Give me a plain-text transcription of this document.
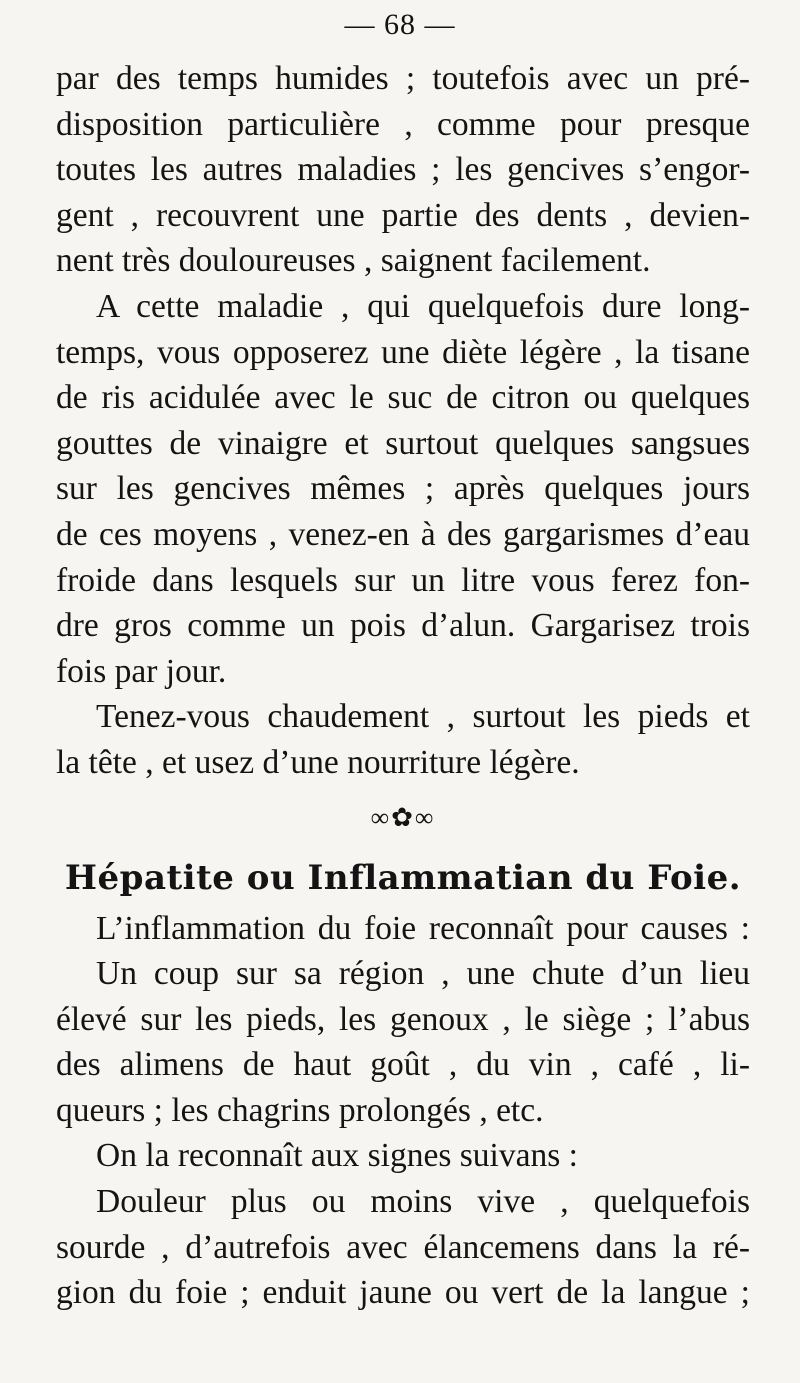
— 68 —
par des temps humides ; toutefois avec un pré-
disposition particulière , comme pour presque
toutes les autres maladies ; les gencives s’engor-
gent , recouvrent une partie des dents , devien-
nent très douloureuses , saignent facilement.
A cette maladie , qui quelquefois dure long-
temps, vous opposerez une diète légère , la tisane
de ris acidulée avec le suc de citron ou quelques
gouttes de vinaigre et surtout quelques sangsues
sur les gencives mêmes ; après quelques jours
de ces moyens , venez-en à des gargarismes d’eau
froide dans lesquels sur un litre vous ferez fon-
dre gros comme un pois d’alun. Gargarisez trois
fois par jour.
Tenez-vous chaudement , surtout les pieds et
la tête , et usez d’une nourriture légère.
∞✿∞
Hépatite ou Inflammatian du Foie.
L’inflammation du foie reconnaît pour causes :
Un coup sur sa région , une chute d’un lieu
élevé sur les pieds, les genoux , le siège ; l’abus
des alimens de haut goût , du vin , café , li-
queurs ; les chagrins prolongés , etc.
On la reconnaît aux signes suivans :
Douleur plus ou moins vive , quelquefois
sourde , d’autrefois avec élancemens dans la ré-
gion du foie ; enduit jaune ou vert de la langue ;
